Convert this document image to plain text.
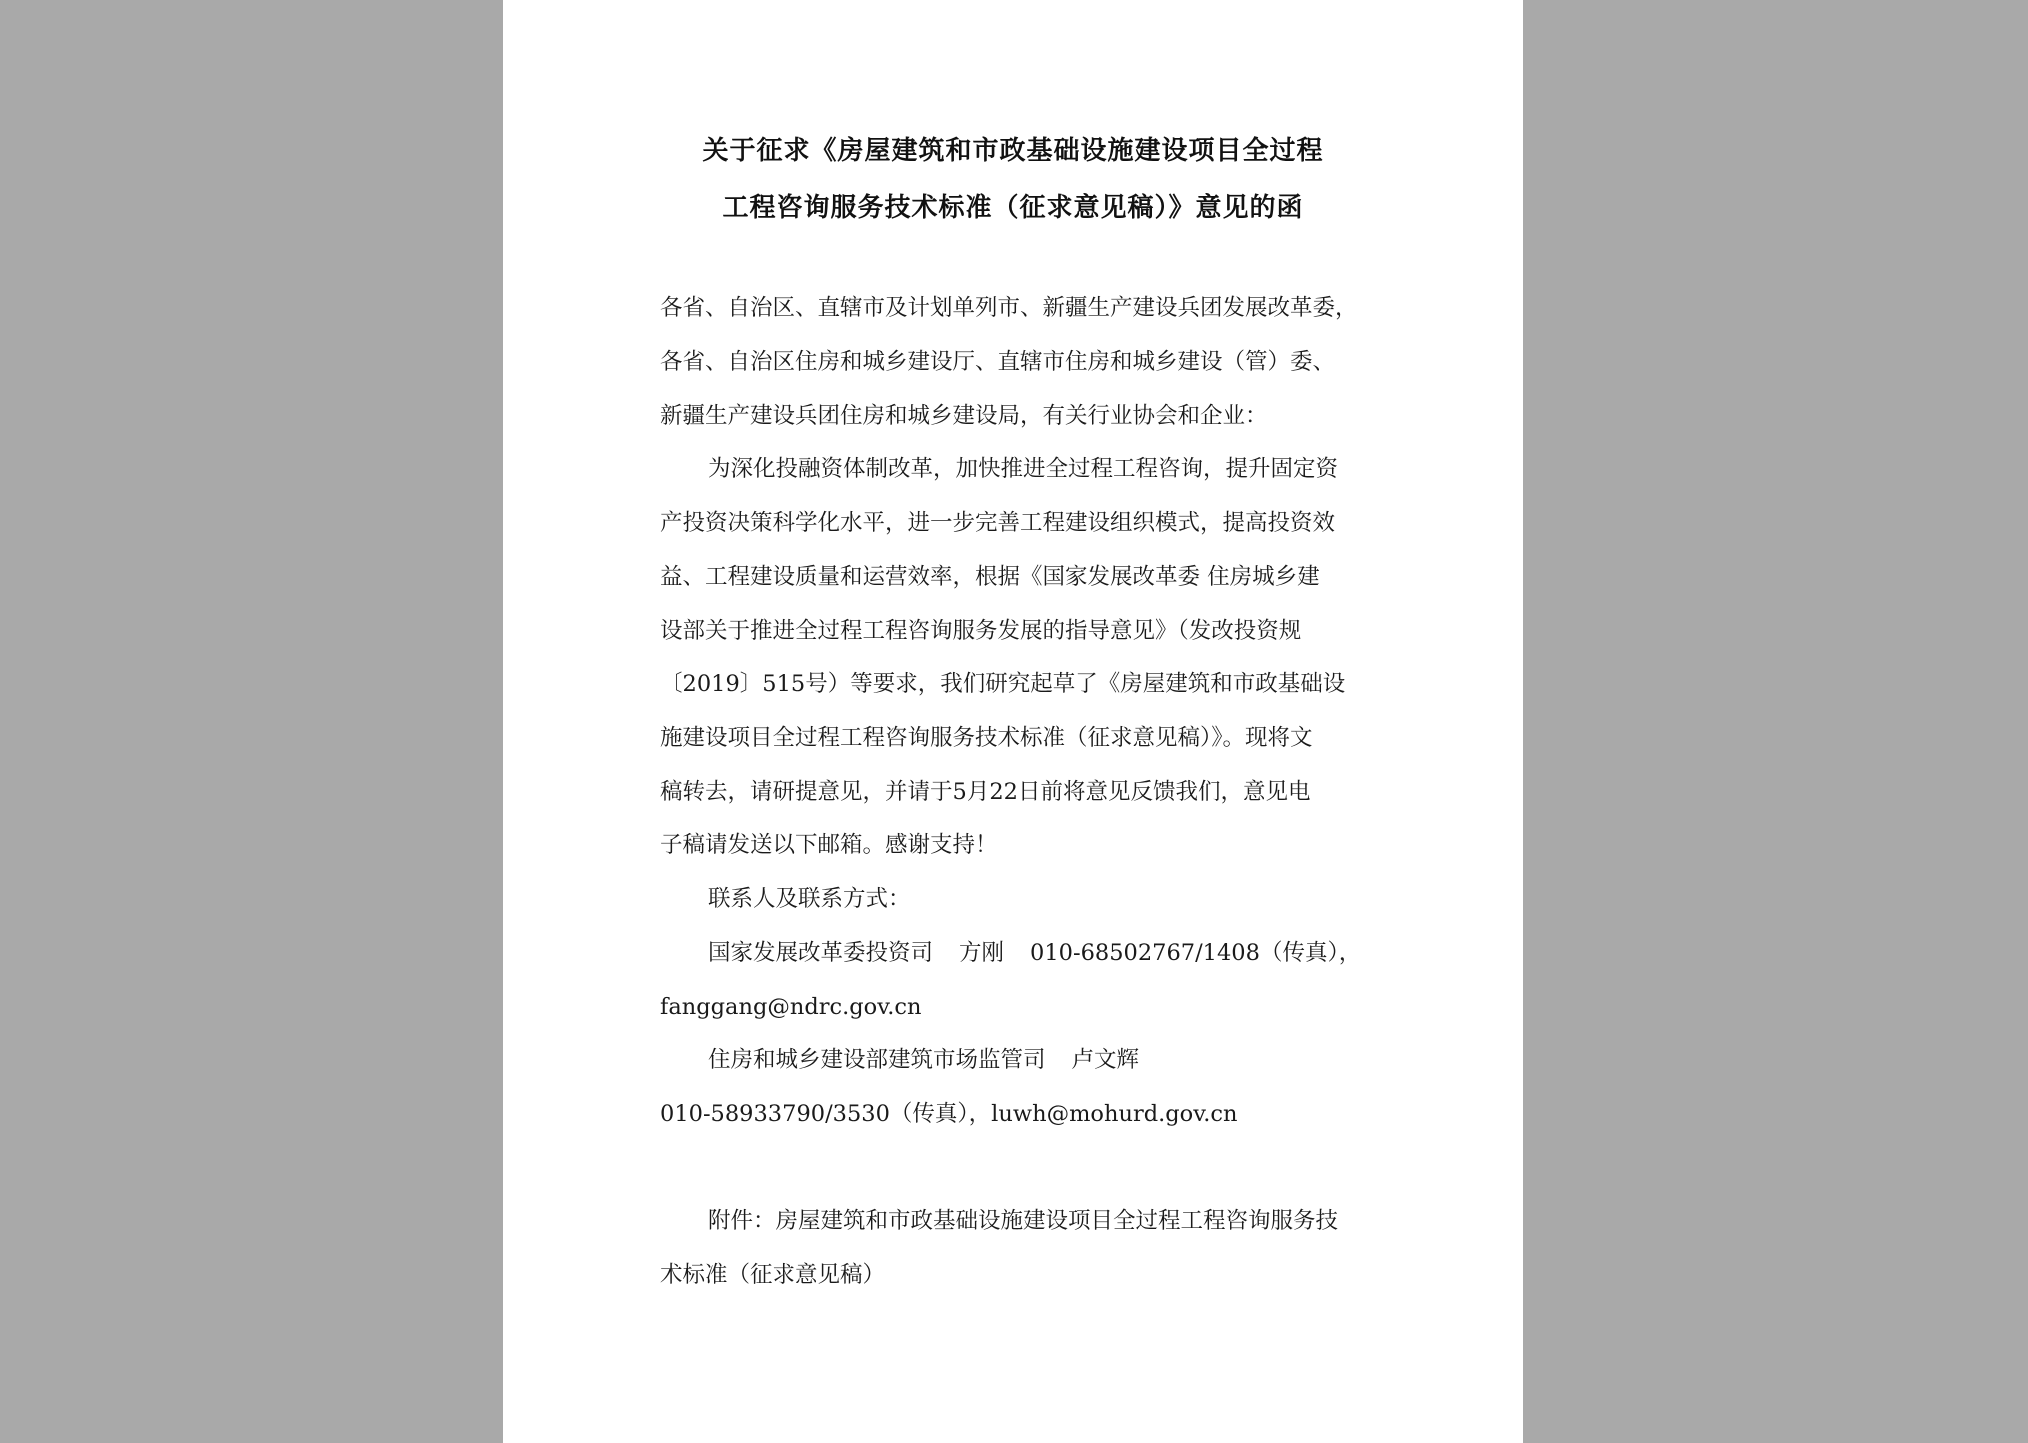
关于征求《房屋建筑和市政基础设施建设项目全过程
工程咨询服务技术标准（征求意见稿）》意见的函
各省、自治区、直辖市及计划单列市、新疆生产建设兵团发展改革委，
各省、自治区住房和城乡建设厅、直辖市住房和城乡建设（管）委、
新疆生产建设兵团住房和城乡建设局，有关行业协会和企业：
为深化投融资体制改革，加快推进全过程工程咨询，提升固定资
产投资决策科学化水平，进一步完善工程建设组织模式，提高投资效
益、工程建设质量和运营效率，根据《国家发展改革委 住房城乡建
设部关于推进全过程工程咨询服务发展的指导意见》（发改投资规
〔2019〕515号）等要求，我们研究起草了《房屋建筑和市政基础设
施建设项目全过程工程咨询服务技术标准（征求意见稿）》。现将文
稿转去，请研提意见，并请于5月22日前将意见反馈我们，意见电
子稿请发送以下邮箱。感谢支持！
联系人及联系方式：
国家发展改革委投资司 方刚 010-68502767/1408（传真），
fanggang@ndrc.gov.cn
住房和城乡建设部建筑市场监管司 卢文辉
010-58933790/3530（传真），luwh@mohurd.gov.cn
附件：房屋建筑和市政基础设施建设项目全过程工程咨询服务技
术标准（征求意见稿）
